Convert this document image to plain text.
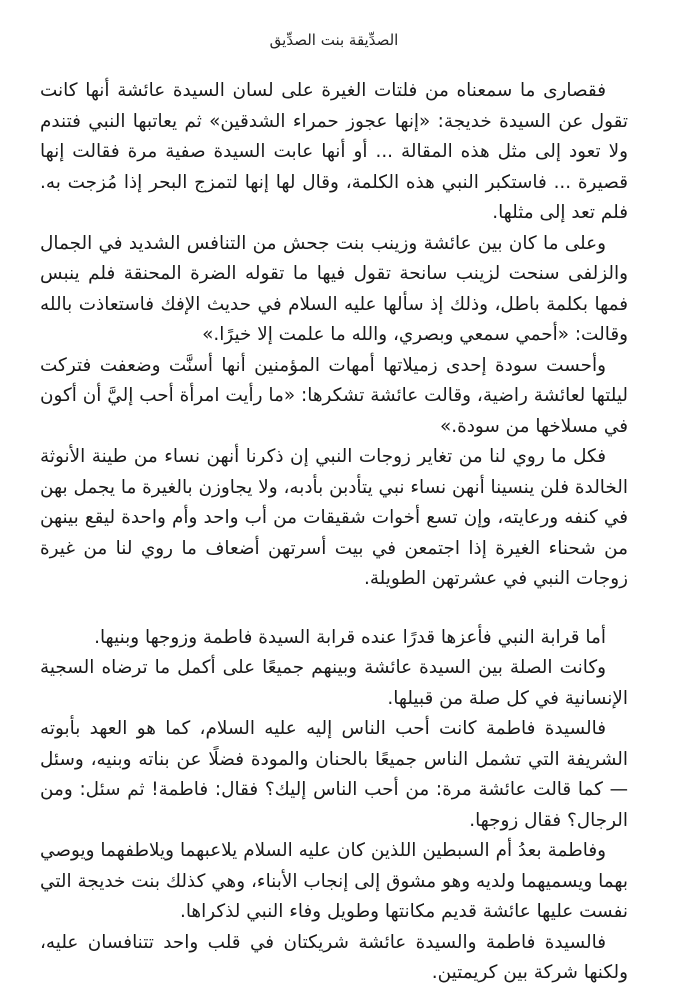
الصدِّيقة بنت الصدِّيق

فقصارى ما سمعناه من فلتات الغيرة على لسان السيدة عائشة أنها كانت تقول عن السيدة خديجة: «إنها عجوز حمراء الشدقين» ثم يعاتبها النبي فتندم ولا تعود إلى مثل هذه المقالة ... أو أنها عابت السيدة صفية مرة فقالت إنها قصيرة ... فاستكبر النبي هذه الكلمة، وقال لها إنها لتمزج البحر إذا مُزجت به. فلم تعد إلى مثلها.

وعلى ما كان بين عائشة وزينب بنت جحش من التنافس الشديد في الجمال والزلفى سنحت لزينب سانحة تقول فيها ما تقوله الضرة المحنقة فلم ينبس فمها بكلمة باطل، وذلك إذ سألها عليه السلام في حديث الإفك فاستعاذت بالله وقالت: «أحمي سمعي وبصري، والله ما علمت إلا خيرًا.»

وأحست سودة إحدى زميلاتها أمهات المؤمنين أنها أسنَّت وضعفت فتركت ليلتها لعائشة راضية، وقالت عائشة تشكرها: «ما رأيت امرأة أحب إليَّ أن أكون في مسلاخها من سودة.»

فكل ما روي لنا من تغاير زوجات النبي إن ذكرنا أنهن نساء من طينة الأنوثة الخالدة فلن ينسينا أنهن نساء نبي يتأدبن بأدبه، ولا يجاوزن بالغيرة ما يجمل بهن في كنفه ورعايته، وإن تسع أخوات شقيقات من أب واحد وأم واحدة ليقع بينهن من شحناء الغيرة إذا اجتمعن في بيت أسرتهن أضعاف ما روي لنا من غيرة زوجات النبي في عشرتهن الطويلة.

أما قرابة النبي فأعزها قدرًا عنده قرابة السيدة فاطمة وزوجها وبنيها.

وكانت الصلة بين السيدة عائشة وبينهم جميعًا على أكمل ما ترضاه السجية الإنسانية في كل صلة من قبيلها.

فالسيدة فاطمة كانت أحب الناس إليه عليه السلام، كما هو العهد بأبوته الشريفة التي تشمل الناس جميعًا بالحنان والمودة فضلًا عن بناته وبنيه، وسئل — كما قالت عائشة مرة: من أحب الناس إليك؟ فقال: فاطمة! ثم سئل: ومن الرجال؟ فقال زوجها.

وفاطمة بعدُ أم السبطين اللذين كان عليه السلام يلاعبهما ويلاطفهما ويوصي بهما ويسميهما ولديه وهو مشوق إلى إنجاب الأبناء، وهي كذلك بنت خديجة التي نفست عليها عائشة قديم مكانتها وطويل وفاء النبي لذكراها.

فالسيدة فاطمة والسيدة عائشة شريكتان في قلب واحد تتنافسان عليه، ولكنها شركة بين كريمتين.
